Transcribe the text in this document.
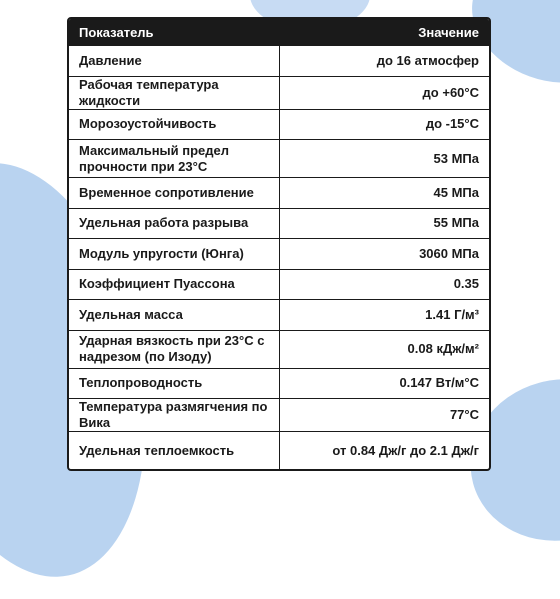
Показатель	Значение
Давление	до 16 атмосфер
Рабочая температура жидкости	до +60°C
Морозоустойчивость	до -15°C
Максимальный предел прочности при 23°C	53 МПа
Временное сопротивление	45 МПа
Удельная работа разрыва	55 МПа
Модуль упругости (Юнга)	3060 МПа
Коэффициент Пуассона	0.35
Удельная масса	1.41 Г/м³
Ударная вязкость при 23°C с надрезом (по Изоду)	0.08 кДж/м²
Теплопроводность	0.147 Вт/м°С
Температура размягчения по Вика	77°C
Удельная теплоемкость	от 0.84 Дж/г до 2.1 Дж/г
